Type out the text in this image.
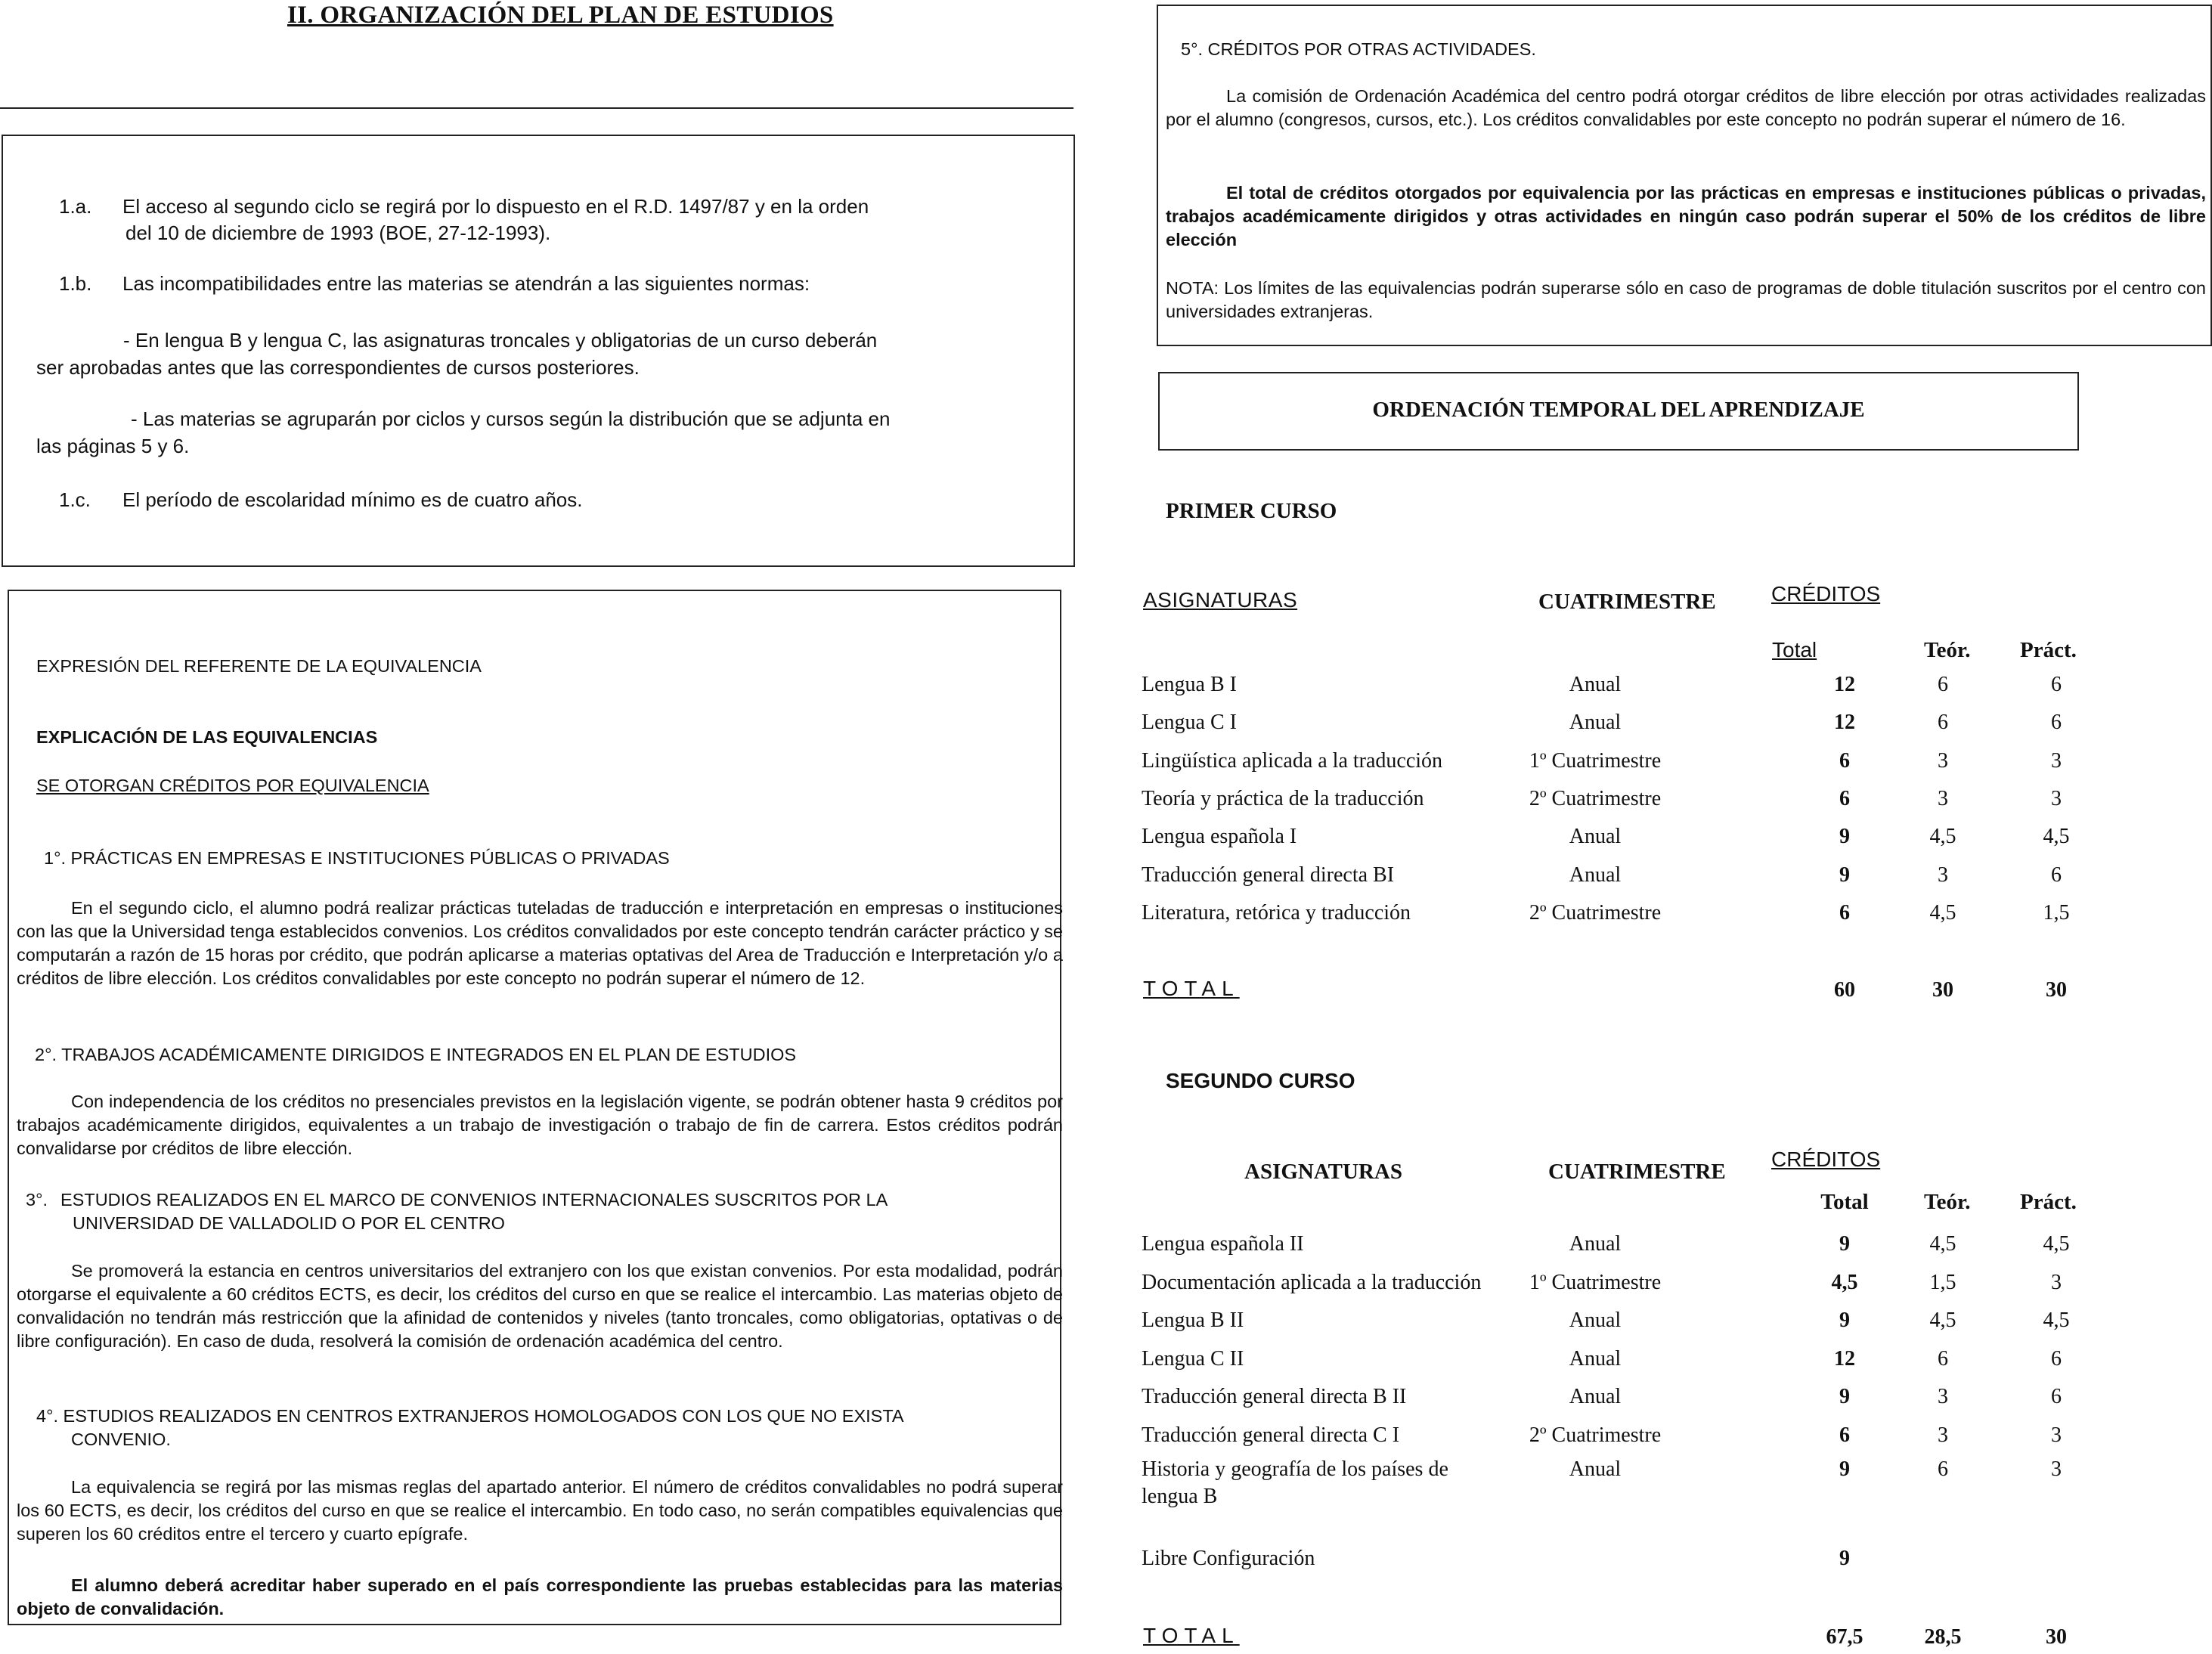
II. ORGANIZACIÓN DEL PLAN DE ESTUDIOS
1.a. El acceso al segundo ciclo se regirá por lo dispuesto en el R.D. 1497/87 y en la orden
del 10 de diciembre de 1993 (BOE, 27-12-1993).
1.b. Las incompatibilidades entre las materias se atendrán a las siguientes normas:
- En lengua B y lengua C, las asignaturas troncales y obligatorias de un curso deberán
ser aprobadas antes que las correspondientes de cursos posteriores.
- Las materias se agruparán por ciclos y cursos según la distribución que se adjunta en
las páginas 5 y 6.
1.c. El período de escolaridad mínimo es de cuatro años.
EXPRESIÓN DEL REFERENTE DE LA EQUIVALENCIA
EXPLICACIÓN DE LAS EQUIVALENCIAS
SE OTORGAN CRÉDITOS POR EQUIVALENCIA
1°. PRÁCTICAS EN EMPRESAS E INSTITUCIONES PÚBLICAS O PRIVADAS

En el segundo ciclo, el alumno podrá realizar prácticas tuteladas de traducción e interpretación en empresas o instituciones con las que la Universidad tenga establecidos convenios. Los créditos convalidados por este concepto tendrán carácter práctico y se computarán a razón de 15 horas por crédito, que podrán aplicarse a materias optativas del Area de Traducción e Interpretación y/o a créditos de libre elección. Los créditos convalidables por este concepto no podrán superar el número de 12.

2°. TRABAJOS ACADÉMICAMENTE DIRIGIDOS E INTEGRADOS EN EL PLAN DE ESTUDIOS

Con independencia de los créditos no presenciales previstos en la legislación vigente, se podrán obtener hasta 9 créditos por trabajos académicamente dirigidos, equivalentes a un trabajo de investigación o trabajo de fin de carrera. Estos créditos podrán convalidarse por créditos de libre elección.

3°. ESTUDIOS REALIZADOS EN EL MARCO DE CONVENIOS INTERNACIONALES SUSCRITOS POR LA
UNIVERSIDAD DE VALLADOLID O POR EL CENTRO

Se promoverá la estancia en centros universitarios del extranjero con los que existan convenios. Por esta modalidad, podrán otorgarse el equivalente a 60 créditos ECTS, es decir, los créditos del curso en que se realice el intercambio. Las materias objeto de convalidación no tendrán más restricción que la afinidad de contenidos y niveles (tanto troncales, como obligatorias, optativas o de libre configuración). En caso de duda, resolverá la comisión de ordenación académica del centro.

4°. ESTUDIOS REALIZADOS EN CENTROS EXTRANJEROS HOMOLOGADOS CON LOS QUE NO EXISTA
CONVENIO.

La equivalencia se regirá por las mismas reglas del apartado anterior. El número de créditos convalidables no podrá superar los 60 ECTS, es decir, los créditos del curso en que se realice el intercambio. En todo caso, no serán compatibles equivalencias que superen los 60 créditos entre el tercero y cuarto epígrafe.

El alumno deberá acreditar haber superado en el país correspondiente las pruebas establecidas para las materias objeto de convalidación.

5°. CRÉDITOS POR OTRAS ACTIVIDADES.

La comisión de Ordenación Académica del centro podrá otorgar créditos de libre elección por otras actividades realizadas por el alumno (congresos, cursos, etc.). Los créditos convalidables por este concepto no podrán superar el número de 16.

El total de créditos otorgados por equivalencia por las prácticas en empresas e instituciones públicas o privadas, trabajos académicamente dirigidos y otras actividades en ningún caso podrán superar el 50% de los créditos de libre elección

NOTA: Los límites de las equivalencias podrán superarse sólo en caso de programas de doble titulación suscritos por el centro con universidades extranjeras.

ORDENACIÓN TEMPORAL DEL APRENDIZAJE
PRIMER CURSO
ASIGNATURAS	CUATRIMESTRE	CRÉDITOS
Total	Teór. Práct.
Lengua B I	Anual	12	6	6
Lengua C I	Anual	12	6	6
Lingüística aplicada a la traducción	1º Cuatrimestre	6	3	3
Teoría y práctica de la traducción	2º Cuatrimestre	6	3	3
Lengua española I	Anual	9	4,5	4,5
Traducción general directa BI	Anual	9	3	6
Literatura, retórica y traducción	2º Cuatrimestre	6	4,5	1,5
TOTAL	60	30	30
SEGUNDO CURSO
ASIGNATURAS	CUATRIMESTRE
CRÉDITOS
Total	Teór. Práct.
Lengua española II	Anual	9	4,5	4,5
Documentación aplicada a la traducción	1º Cuatrimestre	4,5	1,5	3
Lengua B II	Anual	9	4,5	4,5
Lengua C II	Anual	12	6	6
Traducción general directa B II	Anual	9	3	6
Traducción general directa C I	2º Cuatrimestre	6	3	3
Historia y geografía de los países de
lengua B
Anual	9	6	3
Libre Configuración	9
TOTAL	67,5	28,5	30
